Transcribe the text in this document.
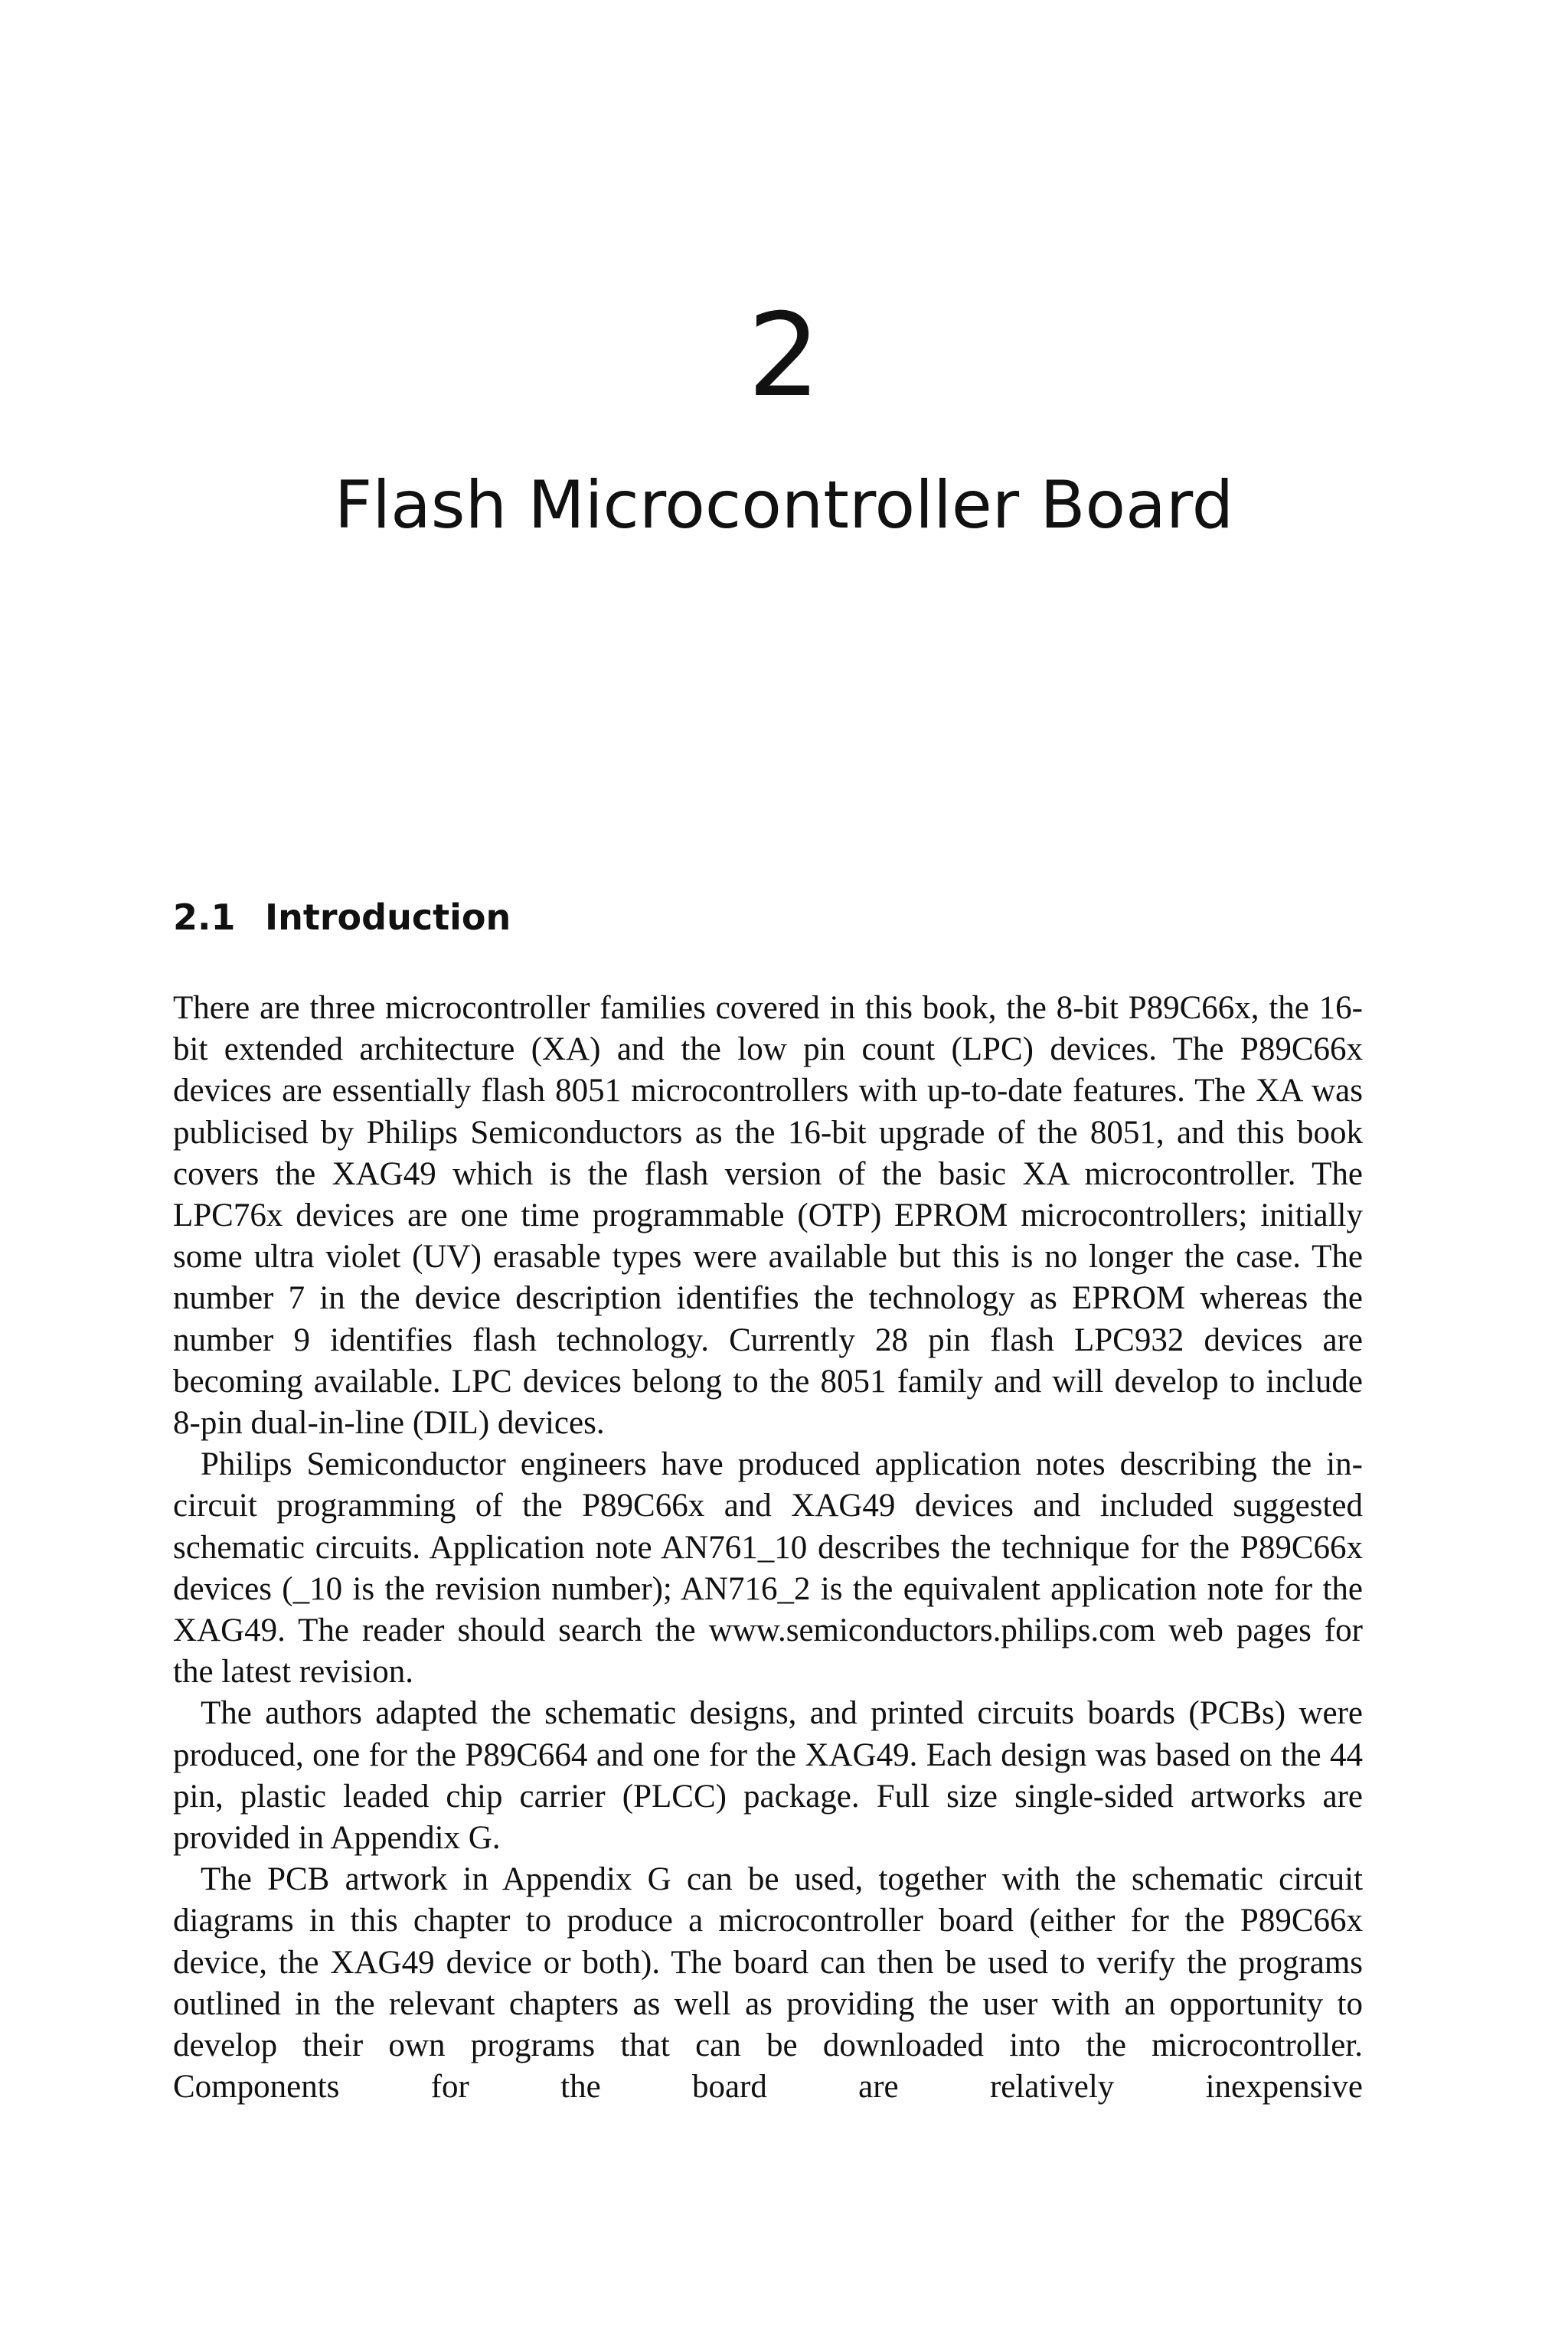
2
Flash Microcontroller Board
2.1 Introduction

There are three microcontroller families covered in this book, the 8-bit P89C66x, the 16-bit extended architecture (XA) and the low pin count (LPC) devices. The P89C66x devices are essentially flash 8051 microcontrollers with up-to-date features. The XA was publicised by Philips Semiconductors as the 16-bit upgrade of the 8051, and this book covers the XAG49 which is the flash version of the basic XA microcontroller. The LPC76x devices are one time programmable (OTP) EPROM microcontrollers; initially some ultra violet (UV) erasable types were available but this is no longer the case. The number 7 in the device description identifies the technology as EPROM whereas the number 9 identifies flash technology. Currently 28 pin flash LPC932 devices are becoming available. LPC devices belong to the 8051 family and will develop to include 8-pin dual-in-line (DIL) devices.

Philips Semiconductor engineers have produced application notes describing the in-circuit programming of the P89C66x and XAG49 devices and included suggested schematic circuits. Application note AN761_10 describes the technique for the P89C66x devices (_10 is the revision number); AN716_2 is the equivalent application note for the XAG49. The reader should search the www.semiconductors.philips.com web pages for the latest revision.

The authors adapted the schematic designs, and printed circuits boards (PCBs) were produced, one for the P89C664 and one for the XAG49. Each design was based on the 44 pin, plastic leaded chip carrier (PLCC) package. Full size single-sided artworks are provided in Appendix G.

The PCB artwork in Appendix G can be used, together with the schematic circuit diagrams in this chapter to produce a microcontroller board (either for the P89C66x device, the XAG49 device or both). The board can then be used to verify the programs outlined in the relevant chapters as well as providing the user with an opportunity to develop their own programs that can be downloaded into the microcontroller. Components for the board are relatively inexpensive
